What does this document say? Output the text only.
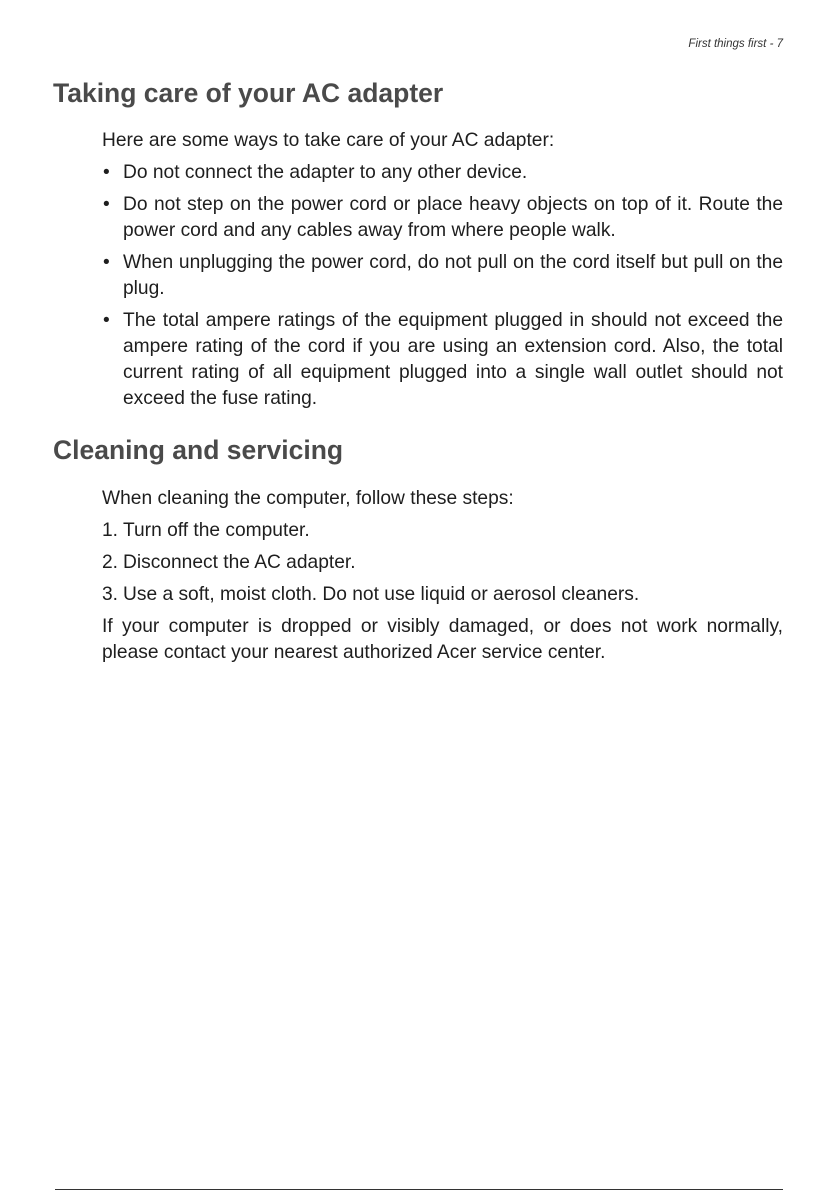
First things first - 7
Taking care of your AC adapter

Here are some ways to take care of your AC adapter:

• Do not connect the adapter to any other device.
• Do not step on the power cord or place heavy objects on top of it. Route the power cord and any cables away from where people walk.
• When unplugging the power cord, do not pull on the cord itself but pull on the plug.
• The total ampere ratings of the equipment plugged in should not exceed the ampere rating of the cord if you are using an extension cord. Also, the total current rating of all equipment plugged into a single wall outlet should not exceed the fuse rating.
Cleaning and servicing

When cleaning the computer, follow these steps:

1. Turn off the computer.
2. Disconnect the AC adapter.
3. Use a soft, moist cloth. Do not use liquid or aerosol cleaners.

If your computer is dropped or visibly damaged, or does not work normally, please contact your nearest authorized Acer service center.
